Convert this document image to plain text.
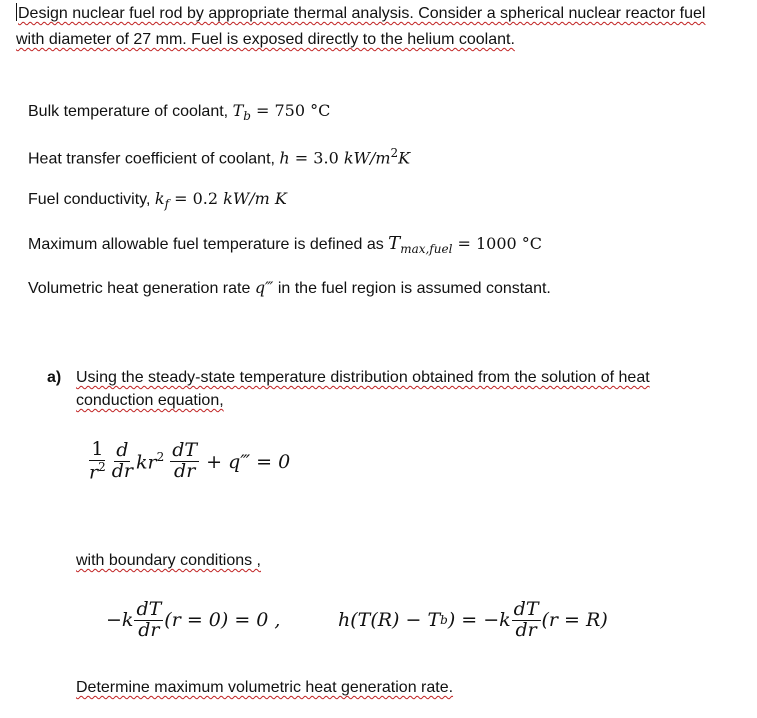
Design nuclear fuel rod by appropriate thermal analysis. Consider a spherical nuclear reactor fuel
with diameter of 27 mm. Fuel is exposed directly to the helium coolant.
Bulk temperature of coolant, $T_b = 750$ °C
Heat transfer coefficient of coolant, h = 3.0 $kW/m^2K$
Fuel conductivity, $k_f = 0.2$ kW/m K
Maximum allowable fuel temperature is defined as $T_{max,fuel} = 1000$ °C
Volumetric heat generation rate q‴ in the fuel region is assumed constant.
a) Using the steady-state temperature distribution obtained from the solution of heat
conduction equation,
$\frac{1}{r^2} \frac{d}{dr} kr^2 \frac{dT}{dr}$ + q‴ = 0
with boundary conditions ,
$-k \frac{dT}{dr} (r = 0) = 0$ ,	h(T(R) − T b ) = $-k \frac{dT}{dr} (r = R)$
Determine maximum volumetric heat generation rate.
